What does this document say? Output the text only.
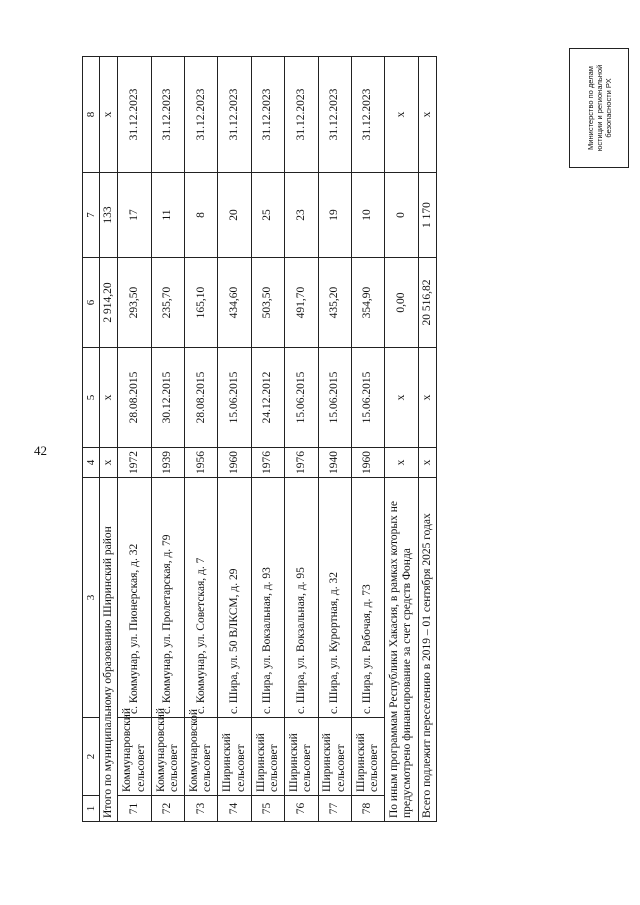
42
1	2	3	4	5	6	7	8
Итого по муниципальному образованию Ширинский район			х	х	2 914,20	133	х
71	Коммунаровский сельсовет	с. Коммунар, ул. Пионерская, д. 32	1972	28.08.2015	293,50	17	31.12.2023
72	Коммунаровский сельсовет	с. Коммунар, ул. Пролетарская, д. 79	1939	30.12.2015	235,70	11	31.12.2023
73	Коммунаровской сельсовет	с. Коммунар, ул. Советская, д. 7	1956	28.08.2015	165,10	8	31.12.2023
74	Ширинский сельсовет	с. Шира, ул. 50 ВЛКСМ, д. 29	1960	15.06.2015	434,60	20	31.12.2023
75	Ширинский сельсовет	с. Шира, ул. Вокзальная, д. 93	1976	24.12.2012	503,50	25	31.12.2023
76	Ширинский сельсовет	с. Шира, ул. Вокзальная, д. 95	1976	15.06.2015	491,70	23	31.12.2023
77	Ширинский сельсовет	с. Шира, ул. Курортная, д. 32	1940	15.06.2015	435,20	19	31.12.2023
78	Ширинский сельсовет	с. Шира, ул. Рабочая, д. 73	1960	15.06.2015	354,90	10	31.12.2023
По иным программам Республики Хакасия, в рамках которых не предусмотрено финансирование за счет средств Фонда			х	х	0,00	0	х
Всего подлежит переселению в 2019 – 01 сентября 2025 годах			х	х	20 516,82	1 170	х	Министерство по делам юстиции и региональной безопасности РХ
